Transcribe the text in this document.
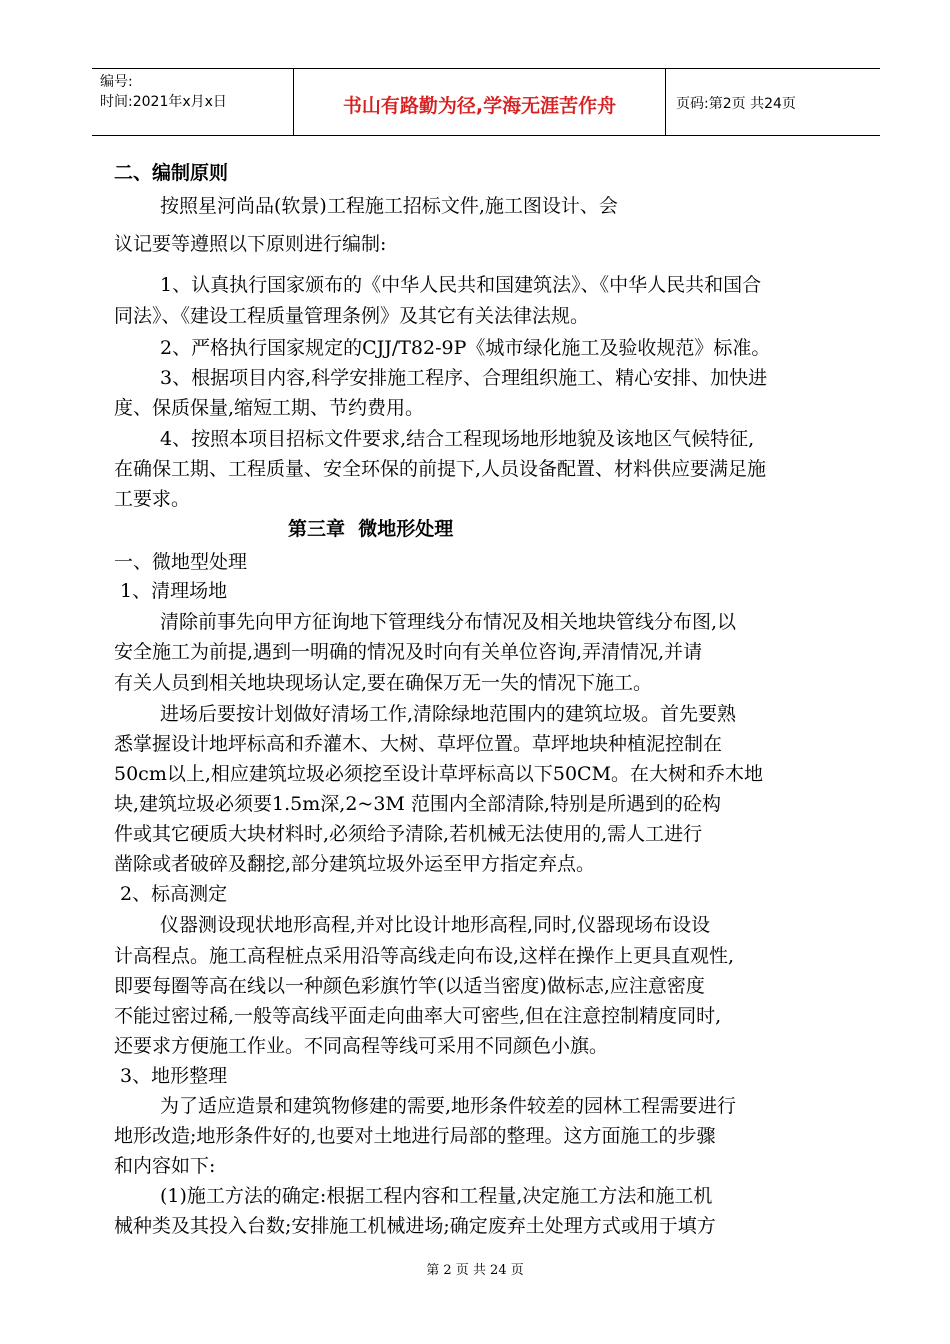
编号:
时间:2021年x月x日	书山有路勤为径,学海无涯苦作舟	页码:第2页 共24页
二、编制原则
按照星河尚品(软景)工程施工招标文件,施工图设计、会
议记要等遵照以下原则进行编制:
1、认真执行国家颁布的《中华人民共和国建筑法》、《中华人民共和国合
同法》、《建设工程质量管理条例》及其它有关法律法规。
2、严格执行国家规定的CJJ/T82-9P《城市绿化施工及验收规范》标准。
3、根据项目内容,科学安排施工程序、合理组织施工、精心安排、加快进
度、保质保量,缩短工期、节约费用。
4、按照本项目招标文件要求,结合工程现场地形地貌及该地区气候特征,
在确保工期、工程质量、安全环保的前提下,人员设备配置、材料供应要满足施
工要求。
第三章  微地形处理
一、微地型处理
1、清理场地
清除前事先向甲方征询地下管理线分布情况及相关地块管线分布图,以
安全施工为前提,遇到一明确的情况及时向有关单位咨询,弄清情况,并请
有关人员到相关地块现场认定,要在确保万无一失的情况下施工。
进场后要按计划做好清场工作,清除绿地范围内的建筑垃圾。首先要熟
悉掌握设计地坪标高和乔灌木、大树、草坪位置。草坪地块种植泥控制在
50cm以上,相应建筑垃圾必须挖至设计草坪标高以下50CM。在大树和乔木地
块,建筑垃圾必须要1.5m深,2~3M 范围内全部清除,特别是所遇到的砼构
件或其它硬质大块材料时,必须给予清除,若机械无法使用的,需人工进行
凿除或者破碎及翻挖,部分建筑垃圾外运至甲方指定弃点。
2、标高测定
仪器测设现状地形高程,并对比设计地形高程,同时,仪器现场布设设
计高程点。施工高程桩点采用沿等高线走向布设,这样在操作上更具直观性,
即要每圈等高在线以一种颜色彩旗竹竿(以适当密度)做标志,应注意密度
不能过密过稀,一般等高线平面走向曲率大可密些,但在注意控制精度同时,
还要求方便施工作业。不同高程等线可采用不同颜色小旗。
3、地形整理
为了适应造景和建筑物修建的需要,地形条件较差的园林工程需要进行
地形改造;地形条件好的,也要对土地进行局部的整理。这方面施工的步骤
和内容如下:
(1)施工方法的确定:根据工程内容和工程量,决定施工方法和施工机
械种类及其投入台数;安排施工机械进场;确定废弃土处理方式或用于填方
第 2 页 共 24 页
